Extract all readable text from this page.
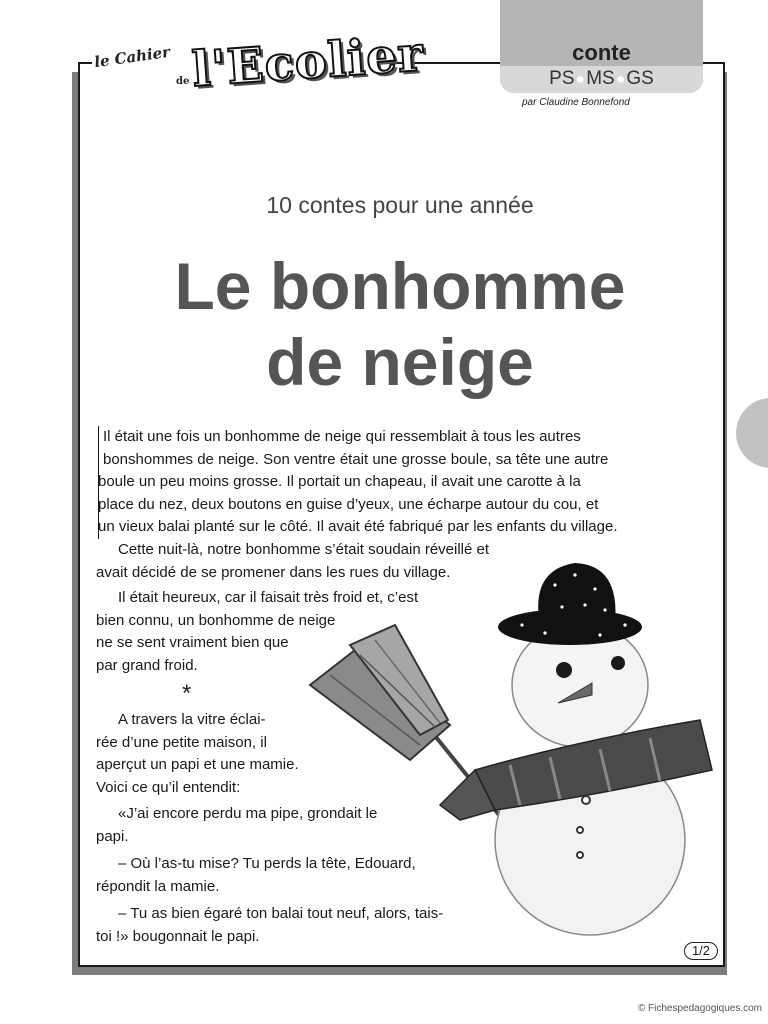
le Cahier
de l'Ecolier	conte
PS●MS●GS
par Claudine Bonnefond
10 contes pour une année
Le bonhomme
de neige
Il était une fois un bonhomme de neige qui ressemblait à tous les autres
bonshommes de neige. Son ventre était une grosse boule, sa tête une autre
boule un peu moins grosse. Il portait un chapeau, il avait une carotte à la
place du nez, deux boutons en guise d’yeux, une écharpe autour du cou, et
un vieux balai planté sur le côté. Il avait été fabriqué par les enfants du village.
Cette nuit-là, notre bonhomme s’était soudain réveillé et
avait décidé de se promener dans les rues du village.
Il était heureux, car il faisait très froid et, c’est
bien connu, un bonhomme de neige
ne se sent vraiment bien que
par grand froid.
*
A travers la vitre éclai-
rée d’une petite maison, il
aperçut un papi et une mamie.
Voici ce qu’il entendit:
«J’ai encore perdu ma pipe, grondait le
papi.
– Où l’as-tu mise? Tu perds la tête, Edouard,
répondit la mamie.
– Tu as bien égaré ton balai tout neuf, alors, tais-
toi !» bougonnait le papi.
1/2
© Fichespedagogiques.com
